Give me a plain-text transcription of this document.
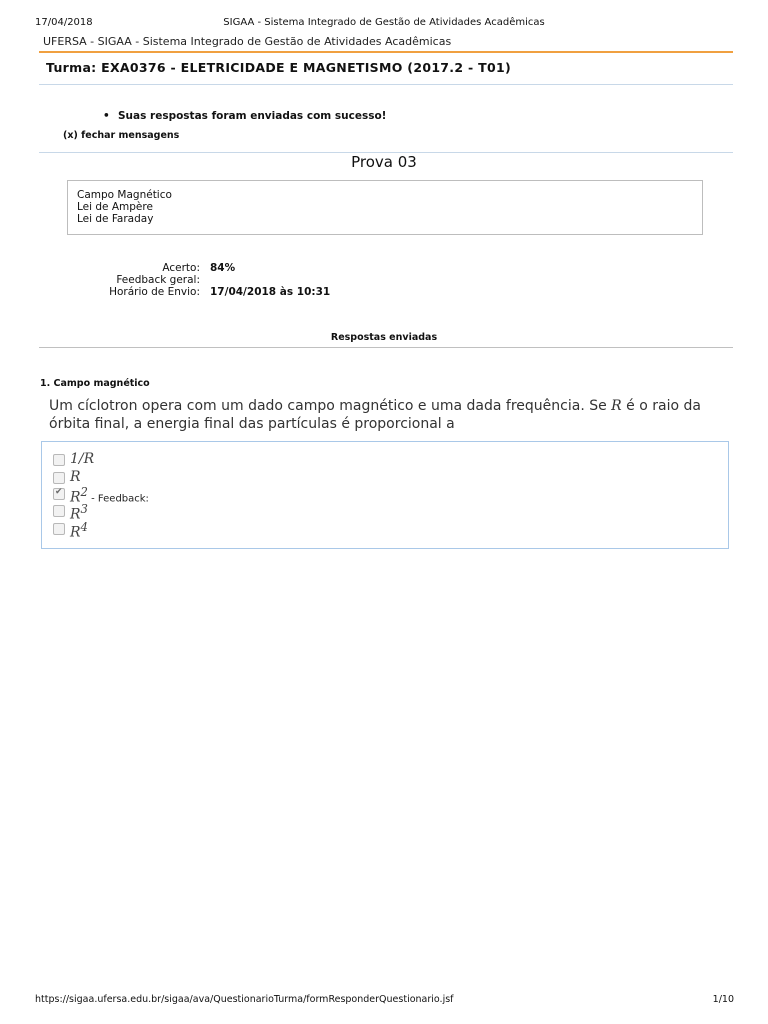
17/04/2018	SIGAA - Sistema Integrado de Gestão de Atividades Acadêmicas
UFERSA - SIGAA - Sistema Integrado de Gestão de Atividades Acadêmicas
Turma: EXA0376 - ELETRICIDADE E MAGNETISMO (2017.2 - T01)
• Suas respostas foram enviadas com sucesso!
(x) fechar mensagens
Prova 03
Campo Magnético
Lei de Ampère
Lei de Faraday
Acerto: 84%
Feedback geral:
Horário de Envio: 17/04/2018 às 10:31
Respostas enviadas
1. Campo magnético
Um cíclotron opera com um dado campo magnético e uma dada frequência. Se R é o raio da órbita final, a energia final das partículas é proporcional a
1/R
R
✔ $R^2$ - Feedback:
$R^3$
$R^4$
https://sigaa.ufersa.edu.br/sigaa/ava/QuestionarioTurma/formResponderQuestionario.jsf	1/10
